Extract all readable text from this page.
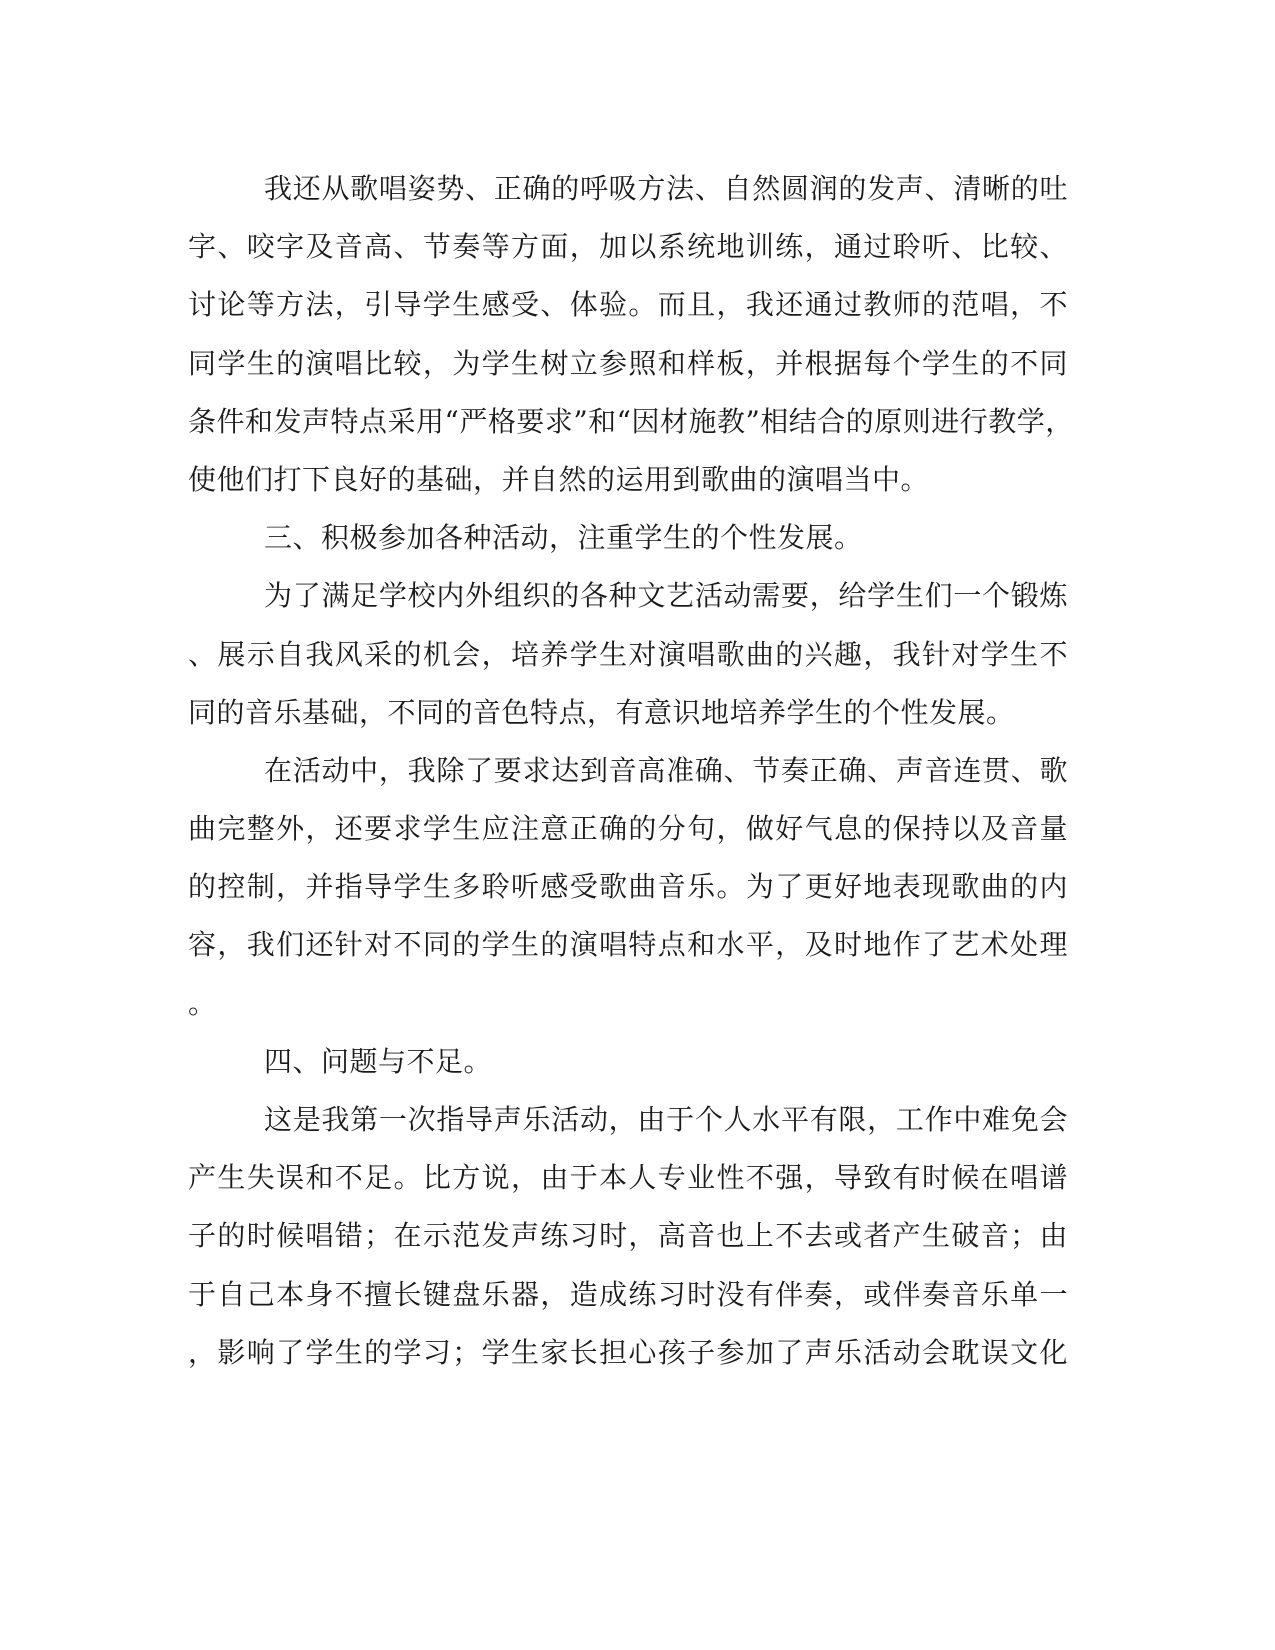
我还从歌唱姿势、正确的呼吸方法、自然圆润的发声、清晰的吐
字、咬字及音高、节奏等方面，加以系统地训练，通过聆听、比较、
讨论等方法，引导学生感受、体验。而且，我还通过教师的范唱，不
同学生的演唱比较，为学生树立参照和样板，并根据每个学生的不同
条件和发声特点采用“严格要求”和“因材施教”相结合的原则进行教学，
使他们打下良好的基础，并自然的运用到歌曲的演唱当中。
三、积极参加各种活动，注重学生的个性发展。
为了满足学校内外组织的各种文艺活动需要，给学生们一个锻炼
、展示自我风采的机会，培养学生对演唱歌曲的兴趣，我针对学生不
同的音乐基础，不同的音色特点，有意识地培养学生的个性发展。
在活动中，我除了要求达到音高准确、节奏正确、声音连贯、歌
曲完整外，还要求学生应注意正确的分句，做好气息的保持以及音量
的控制，并指导学生多聆听感受歌曲音乐。为了更好地表现歌曲的内
容，我们还针对不同的学生的演唱特点和水平，及时地作了艺术处理
。
四、问题与不足。
这是我第一次指导声乐活动，由于个人水平有限，工作中难免会
产生失误和不足。比方说，由于本人专业性不强，导致有时候在唱谱
子的时候唱错；在示范发声练习时，高音也上不去或者产生破音；由
于自己本身不擅长键盘乐器，造成练习时没有伴奏，或伴奏音乐单一
，影响了学生的学习；学生家长担心孩子参加了声乐活动会耽误文化
